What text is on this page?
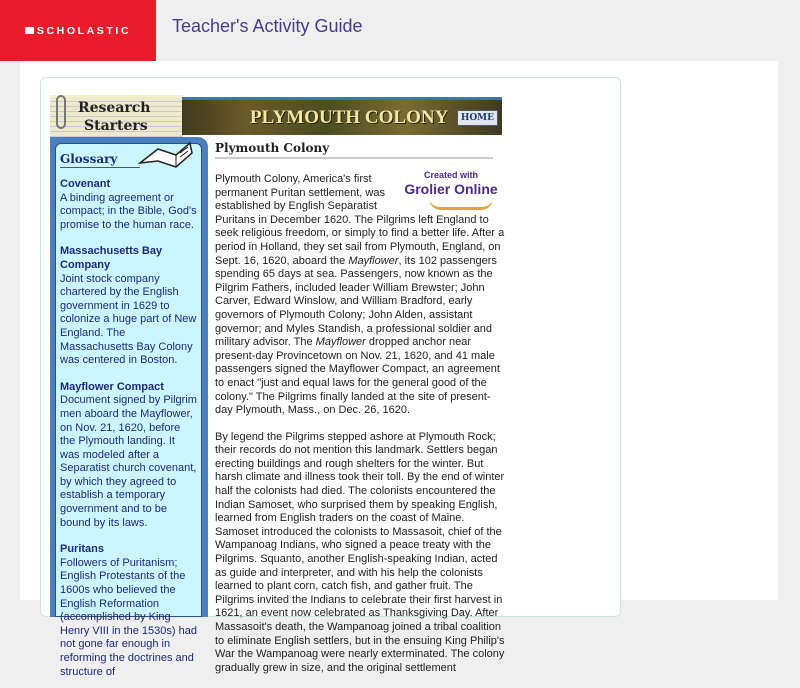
SCHOLASTIC Teacher's Activity Guide
Research
Starters	PLYMOUTH COLONY	HOME
Glossary
Covenant
A binding agreement or compact; in the Bible, God's promise to the human race.
Massachusetts Bay Company
Joint stock company chartered by the English government in 1629 to colonize a huge part of New England. The Massachusetts Bay Colony was centered in Boston.
Mayflower Compact
Document signed by Pilgrim men aboard the Mayflower, on Nov. 21, 1620, before the Plymouth landing. It was modeled after a Separatist church covenant, by which they agreed to establish a temporary government and to be bound by its laws.
Puritans
Followers of Puritanism; English Protestants of the 1600s who believed the English Reformation (accomplished by King Henry VIII in the 1530s) had not gone far enough in reforming the doctrines and structure of
Plymouth Colony
Created with
Grolier Online

Plymouth Colony, America's first permanent Puritan settlement, was established by English Separatist Puritans in December 1620. The Pilgrims left England to seek religious freedom, or simply to find a better life. After a period in Holland, they set sail from Plymouth, England, on Sept. 16, 1620, aboard the Mayflower, its 102 passengers spending 65 days at sea. Passengers, now known as the Pilgrim Fathers, included leader William Brewster; John Carver, Edward Winslow, and William Bradford, early governors of Plymouth Colony; John Alden, assistant governor; and Myles Standish, a professional soldier and military advisor. The Mayflower dropped anchor near present-day Provincetown on Nov. 21, 1620, and 41 male passengers signed the Mayflower Compact, an agreement to enact "just and equal laws for the general good of the colony." The Pilgrims finally landed at the site of present-day Plymouth, Mass., on Dec. 26, 1620.

By legend the Pilgrims stepped ashore at Plymouth Rock; their records do not mention this landmark. Settlers began erecting buildings and rough shelters for the winter. But harsh climate and illness took their toll. By the end of winter half the colonists had died. The colonists encountered the Indian Samoset, who surprised them by speaking English, learned from English traders on the coast of Maine. Samoset introduced the colonists to Massasoit, chief of the Wampanoag Indians, who signed a peace treaty with the Pilgrims. Squanto, another English-speaking Indian, acted as guide and interpreter, and with his help the colonists learned to plant corn, catch fish, and gather fruit. The Pilgrims invited the Indians to celebrate their first harvest in 1621, an event now celebrated as Thanksgiving Day. After Massasoit's death, the Wampanoag joined a tribal coalition to eliminate English settlers, but in the ensuing King Philip's War the Wampanoag were nearly exterminated. The colony gradually grew in size, and the original settlement
